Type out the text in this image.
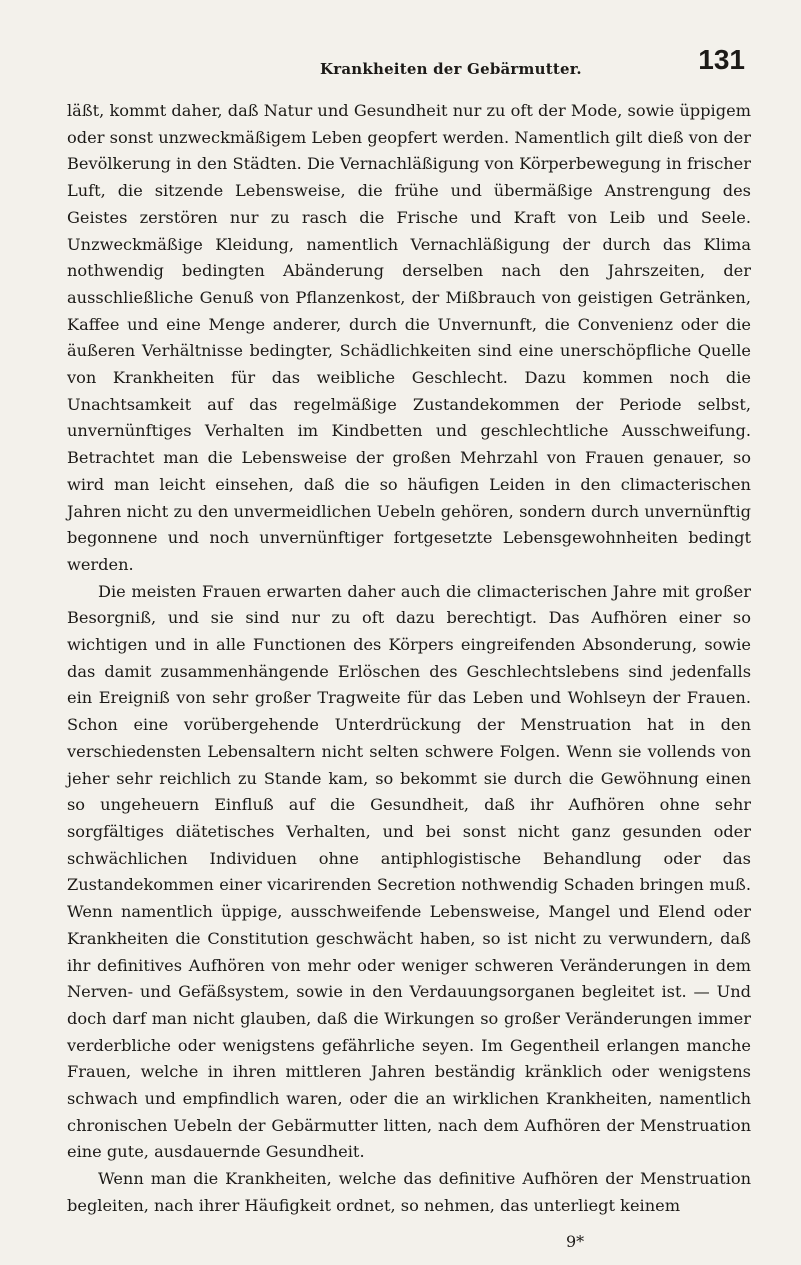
Krankheiten der Gebärmutter.	131

läßt, kommt daher, daß Natur und Gesundheit nur zu oft der Mode, sowie üppigem oder sonst unzweckmäßigem Leben geopfert werden. Namentlich gilt dieß von der Bevölkerung in den Städten. Die Vernachläßigung von Körperbewegung in frischer Luft, die sitzende Lebensweise, die frühe und übermäßige Anstrengung des Geistes zerstören nur zu rasch die Frische und Kraft von Leib und Seele. Unzweckmäßige Kleidung, namentlich Vernachläßigung der durch das Klima nothwendig bedingten Abänderung derselben nach den Jahrszeiten, der ausschließliche Genuß von Pflanzenkost, der Mißbrauch von geistigen Getränken, Kaffee und eine Menge anderer, durch die Unvernunft, die Convenienz oder die äußeren Verhältnisse bedingter, Schädlichkeiten sind eine unerschöpfliche Quelle von Krankheiten für das weibliche Geschlecht. Dazu kommen noch die Unachtsamkeit auf das regelmäßige Zustandekommen der Periode selbst, unvernünftiges Verhalten im Kindbetten und geschlechtliche Ausschweifung. Betrachtet man die Lebensweise der großen Mehrzahl von Frauen genauer, so wird man leicht einsehen, daß die so häufigen Leiden in den climacterischen Jahren nicht zu den unvermeidlichen Uebeln gehören, sondern durch unvernünftig begonnene und noch unvernünftiger fortgesetzte Lebensgewohnheiten bedingt werden.

Die meisten Frauen erwarten daher auch die climacterischen Jahre mit großer Besorgniß, und sie sind nur zu oft dazu berechtigt. Das Aufhören einer so wichtigen und in alle Functionen des Körpers eingreifenden Absonderung, sowie das damit zusammenhängende Erlöschen des Geschlechtslebens sind jedenfalls ein Ereigniß von sehr großer Tragweite für das Leben und Wohlseyn der Frauen. Schon eine vorübergehende Unterdrückung der Menstruation hat in den verschiedensten Lebensaltern nicht selten schwere Folgen. Wenn sie vollends von jeher sehr reichlich zu Stande kam, so bekommt sie durch die Gewöhnung einen so ungeheuern Einfluß auf die Gesundheit, daß ihr Aufhören ohne sehr sorgfältiges diätetisches Verhalten, und bei sonst nicht ganz gesunden oder schwächlichen Individuen ohne antiphlogistische Behandlung oder das Zustandekommen einer vicarirenden Secretion nothwendig Schaden bringen muß. Wenn namentlich üppige, ausschweifende Lebensweise, Mangel und Elend oder Krankheiten die Constitution geschwächt haben, so ist nicht zu verwundern, daß ihr definitives Aufhören von mehr oder weniger schweren Veränderungen in dem Nerven- und Gefäßsystem, sowie in den Verdauungsorganen begleitet ist. — Und doch darf man nicht glauben, daß die Wirkungen so großer Veränderungen immer verderbliche oder wenigstens gefährliche seyen. Im Gegentheil erlangen manche Frauen, welche in ihren mittleren Jahren beständig kränklich oder wenigstens schwach und empfindlich waren, oder die an wirklichen Krankheiten, namentlich chronischen Uebeln der Gebärmutter litten, nach dem Aufhören der Menstruation eine gute, ausdauernde Gesundheit.

Wenn man die Krankheiten, welche das definitive Aufhören der Menstruation begleiten, nach ihrer Häufigkeit ordnet, so nehmen, das unterliegt keinem

9*
